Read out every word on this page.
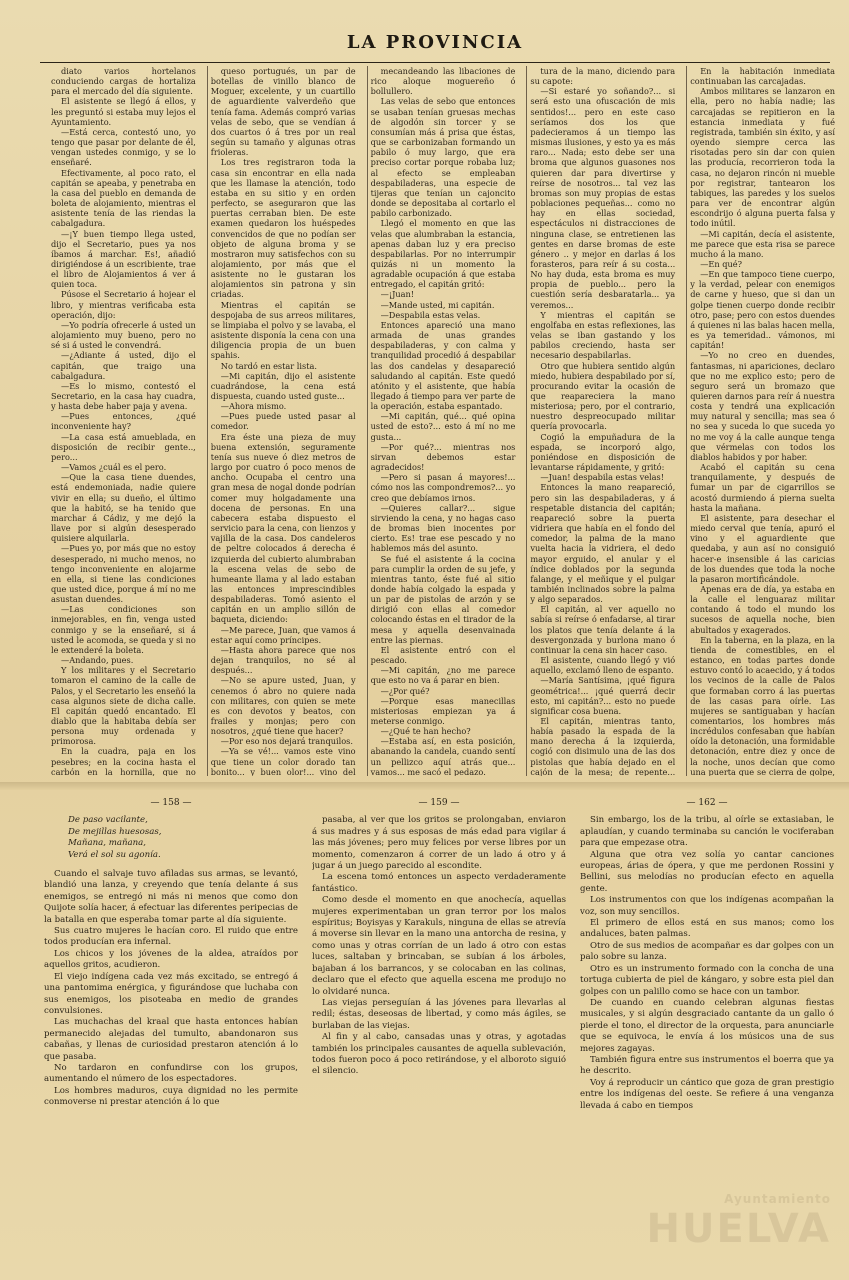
LA PROVINCIA

diato varios hortelanos conduciendo cargas de hortaliza para el mercado del día siguiente.

El asistente se llegó á ellos, y les preguntó si estaba muy lejos el Ayuntamiento.

—Está cerca, contestó uno, yo tengo que pasar por delante de él, vengan ustedes conmigo, y se lo enseñaré.

Efectivamente, al poco rato, el capitán se apeaba, y penetraba en la casa del pueblo en demanda de boleta de alojamiento, mientras el asistente tenía de las riendas la cabalgadura.

—¡Y buen tiempo llega usted, dijo el Secretario, pues ya nos íbamos á marchar. Es!, añadió dirigiéndose á un escribiente, trae el libro de Alojamientos á ver á quien toca.

Púsose el Secretario á hojear el libro, y mientras verificaba esta operación, dijo:

—Yo podría ofrecerle á usted un alojamiento muy bueno, pero no sé si á usted le convendrá.

—¿Adiante á usted, dijo el capitán, que traigo una cabalgadura.

—Es lo mismo, contestó el Secretario, en la casa hay cuadra, y hasta debe haber paja y avena.

—Pues entonces, ¿qué inconveniente hay?

—La casa está amueblada, en disposición de recibir gente.., pero...

—Vamos ¿cuál es el pero.

—Que la casa tiene duendes, está endemoniada, nadie quiere vivir en ella; su dueño, el último que la habitó, se ha tenido que marchar á Cádiz, y me dejó la llave por si algún desesperado quisiere alquilarla.

—Pues yo, por más que no estoy desesperado, ni mucho menos, no tengo inconveniente en alojarme en ella, si tiene las condiciones que usted dice, porque á mí no me asustan duendes.

—Las condiciones son inmejorables, en fin, venga usted conmigo y se la enseñaré, si á usted le acomoda, se queda y si no le extenderé la boleta.

—Andando, pues.

Y los militares y el Secretario tomaron el camino de la calle de Palos, y el Secretario les enseñó la casa algunos siete de dicha calle. El capitán quedó encantado. El diablo que la habitaba debía ser persona muy ordenada y primorosa.

En la cuadra, paja en los pesebres; en la cocina hasta el carbón en la hornilla, que no

queso portugués, un par de botellas de vinillo blanco de Moguer, excelente, y un cuartillo de aguardiente valverdeño que tenía fama. Además compró varias velas de sebo, que se vendían á dos cuartos ó á tres por un real según su tamaño y algunas otras frioleras.

Los tres registraron toda la casa sin encontrar en ella nada que les llamase la atención, todo estaba en su sitio y en orden perfecto, se aseguraron que las puertas cerraban bien. De este examen quedaron los huéspedes convencidos de que no podían ser objeto de alguna broma y se mostraron muy satisfechos con su alojamiento, por más que el asistente no le gustaran los alojamientos sin patrona y sin criadas.

Mientras el capitán se despojaba de sus arreos militares, se limpiaba el polvo y se lavaba, el asistente disponía la cena con una diligencia propia de un buen spahis.

No tardó en estar lista.

—Mi capitán, dijo el asistente cuadrándose, la cena está dispuesta, cuando usted guste...

—Ahora mismo.

—Pues puede usted pasar al comedor.

Era éste una pieza de muy buena extensión, seguramente tenía sus nueve ó diez metros de largo por cuatro ó poco menos de ancho. Ocupaba el centro una gran mesa de nogal donde podrían comer muy holgadamente una docena de personas. En una cabecera estaba dispuesto el servicio para la cena, con lienzos y vajilla de la casa. Dos candeleros de peltre colocados á derecha é izquierda del cubierto alumbraban la escena velas de sebo de humeante llama y al lado estaban las entonces imprescindibles despabiladeras. Tomó asiento el capitán en un amplio sillón de baqueta, diciendo:

—Me parece, Juan, que vamos á estar aquí como príncipes.

—Hasta ahora parece que nos dejan tranquilos, no sé al después...

—No se apure usted, Juan, y cenemos ó abro no quiere nada con militares, con quien se mete es con devotos y beatos, con frailes y monjas; pero con nosotros, ¿qué tiene que hacer?

—Por eso nos dejará tranquilos.

—Ya se vé!... vamos este vino que tiene un color dorado tan bonito... y buen olor!... vino del

mecandeando las libaciones de rico aloque moguereño ó bollullero.

Las velas de sebo que entonces se usaban tenían gruesas mechas de algodón sin torcer y se consumían más á prisa que éstas, que se carbonizaban formando un pabilo ó muy largo, que era preciso cortar porque robaba luz; al efecto se empleaban despabiladeras, una especie de tijeras que tenían un cajoncito donde se depositaba al cortarlo el pabilo carbonizado.

Llegó el momento en que las velas que alumbraban la estancia, apenas daban luz y era preciso despabilarlas. Por no interrumpir quizás ni un momento la agradable ocupación á que estaba entregado, el capitán gritó:

—¡Juan!

—Mande usted, mi capitán.

—Despabila estas velas.

Entonces apareció una mano armada de unas grandes despabiladeras, y con calma y tranquilidad procedió á despabilar las dos candelas y desapareció saludando al capitán. Este quedó atónito y el asistente, que había llegado á tiempo para ver parte de la operación, estaba espantado.

—Mi capitán, qué... qué opina usted de esto?... esto á mí no me gusta...

—Por qué?... mientras nos sirvan debemos estar agradecidos!

—Pero si pasan á mayores!... cómo nos las compondremos?... yo creo que debíamos irnos.

—Quieres callar?... sigue sirviendo la cena, y no hagas caso de bromas bien inocentes por cierto. Es! trae ese pescado y no hablemos más del asunto.

Se fué el asistente á la cocina para cumplir la orden de su jefe, y mientras tanto, éste fué al sitio donde había colgado la espada y un par de pistolas de arzón y se dirigió con ellas al comedor colocando éstas en el tirador de la mesa y aquella desenvainada entre las piernas.

El asistente entró con el pescado.

—Mi capitán, ¿no me parece que esto no va á parar en bien.

—¿Por qué?

—Porque esas manecillas misteriosas empiezan ya á meterse conmigo.

—¿Qué te han hecho?

—Estaba así, en esta posición, abanando la candela, cuando sentí un pellizco aquí atrás que... vamos... me sacó el pedazo.

tura de la mano, diciendo para su capote:

—Si estaré yo soñando?... si será esto una ofuscación de mis sentidos!... pero en este caso seríamos dos los que padecieramos á un tiempo las mismas ilusiones, y esto ya es más raro... Nada; esto debe ser una broma que algunos guasones nos quieren dar para divertirse y reírse de nosotros... tal vez las bromas son muy propias de estas poblaciones pequeñas... como no hay en ellas sociedad, espectáculos ni distracciones de ninguna clase, se entretienen las gentes en darse bromas de este género .. y mejor en darlas á los forasteros, para reír á su costa... No hay duda, esta broma es muy propia de pueblo... pero la cuestión sería desbaratarla... ya veremos...

Y mientras el capitán se engolfaba en estas reflexiones, las velas se iban gastando y los pabilos creciendo, hasta ser necesario despabilarlas.

Otro que hubiera sentido algún miedo, hubiera despabilado por sí, procurando evitar la ocasión de que reapareciera la mano misteriosa; pero, por el contrario, nuestro despreocupado militar quería provocarla.

Cogió la empuñadura de la espada, se incorporó algo, poniéndose en disposición de levantarse rápidamente, y gritó:

—Juan! despabila estas velas!

Entonces la mano reapareció, pero sin las despabiladeras, y á respetable distancia del capitán; reapareció sobre la puerta vidriera que había en el fondo del comedor, la palma de la mano vuelta hacia la vidriera, el dedo mayor erguido, el anular y el índice doblados por la segunda falange, y el meñique y el pulgar también inclinados sobre la palma y algo separados.

El capitán, al ver aquello no sabía si reírse ó enfadarse, al tirar los platos que tenía delante á la desvergonzada y burlona mano ó continuar la cena sin hacer caso.

El asistente, cuando llegó y vió aquello, exclamó lleno de espanto.

—María Santísima, ¡qué figura geométrica!... ¡qué querrá decir esto, mi capitán?... esto no puede significar cosa buena.

El capitán, mientras tanto, había pasado la espada de la mano derecha á la izquierda, cogió con disimulo una de las dos pistolas que había dejado en el cajón de la mesa; de repente...

En la habitación inmediata continuaban las carcajadas.

Ambos militares se lanzaron en ella, pero no había nadie; las carcajadas se repitieron en la estancia inmediata y fué registrada, también sin éxito, y así oyendo siempre cerca las risotadas pero sin dar con quien las producía, recorrieron toda la casa, no dejaron rincón ni mueble por registrar, tantearon los tabiques, las paredes y los suelos para ver de encontrar algún escondrijo ó alguna puerta falsa y todo inútil.

—Mi capitán, decía el asistente, me parece que esta risa se parece mucho á la mano.

—En qué?

—En que tampoco tiene cuerpo, y la verdad, pelear con enemigos de carne y hueso, que si dan un golpe tienen cuerpo donde recibir otro, pase; pero con estos duendes á quienes ni las balas hacen mella, es ya temeridad.. vámonos, mi capitán!

—Yo no creo en duendes, fantasmas, ni apariciones, declaro que no me explico esto; pero de seguro será un bromazo que quieren darnos para reír á nuestra costa y tendrá una explicación muy natural y sencilla; mas sea ó no sea y suceda lo que suceda yo no me voy á la calle aunque tenga que vérmelas con todos los diablos habidos y por haber.

Acabó el capitán su cena tranquilamente, y después de fumar un par de cigarrillos se acostó durmiendo á pierna suelta hasta la mañana.

El asistente, para desechar el miedo cerval que tenía, apuró el vino y el aguardiente que quedaba, y aun así no consiguió hacer-e insensible á las caricias de los duendes que toda la noche la pasaron mortificándole.

Apenas era de día, ya estaba en la calle el lenguaraz militar contando á todo el mundo los sucesos de aquella noche, bien abultados y exagerados.

En la taberna, en la plaza, en la tienda de comestibles, en el estanco, en todas partes donde estuvo contó lo acaecido, y á todos los vecinos de la calle de Palos que formaban corro á las puertas de las casas para oírle. Las mujeres se santiguaban y hacían comentarios, los hombres más incrédulos confesaban que habían oído la detonación, una formidable detonación, entre diez y once de la noche, unos decían que como una puerta que se cierra de golpe,

— 158 —
De paso vacilante,
De mejillas huesosas,
Mañana, mañana,
Verá el sol su agonía.

Cuando el salvaje tuvo afiladas sus armas, se levantó, blandió una lanza, y creyendo que tenía delante á sus enemigos, se entregó ni más ni menos que como don Quijote solía hacer, á efectuar las diferentes peripecias de la batalla en que esperaba tomar parte al día siguiente.

Sus cuatro mujeres le hacían coro. El ruido que entre todos producían era infernal.

Los chicos y los jóvenes de la aldea, atraídos por aquellos gritos, acudieron.

El viejo indígena cada vez más excitado, se entregó á una pantomima enérgica, y figurándose que luchaba con sus enemigos, los pisoteaba en medio de grandes convulsiones.

Las muchachas del kraal que hasta entonces habían permanecido alejadas del tumulto, abandonaron sus cabañas, y llenas de curiosidad prestaron atención á lo que pasaba.

No tardaron en confundirse con los grupos, aumentando el número de los espectadores.

Los hombres maduros, cuya dignidad no les permite conmoverse ni prestar atención á lo que

— 159 —

pasaba, al ver que los gritos se prolongaban, enviaron á sus madres y á sus esposas de más edad para vigilar á las más jóvenes; pero muy felices por verse libres por un momento, comenzaron á correr de un lado á otro y á jugar á un juego parecido al escondite.

La escena tomó entonces un aspecto verdaderamente fantástico.

Como desde el momento en que anochecía, aquellas mujeres experimentaban un gran terror por los malos espíritus; Boyisyas y Karakuls, ninguna de ellas se atrevía á moverse sin llevar en la mano una antorcha de resina, y como unas y otras corrían de un lado á otro con estas luces, saltaban y brincaban, se subían á los árboles, bajaban á los barrancos, y se colocaban en las colinas, declaro que el efecto que aquella escena me produjo no lo olvidaré nunca.

Las viejas perseguían á las jóvenes para llevarlas al redil; éstas, deseosas de libertad, y como más ágiles, se burlaban de las viejas.

Al fin y al cabo, cansadas unas y otras, y agotadas también los principales causantes de aquella sublevación, todos fueron poco á poco retirándose, y el alboroto siguió el silencio.

— 162 —

Sin embargo, los de la tribu, al oírle se extasiaban, le aplaudían, y cuando terminaba su canción le vociferaban para que empezase otra.

Alguna que otra vez solía yo cantar canciones europeas, árias de ópera, y que me perdonen Rossini y Bellini, sus melodías no producían efecto en aquella gente.

Los instrumentos con que los indígenas acompañan la voz, son muy sencillos.

El primero de ellos está en sus manos; como los andaluces, baten palmas.

Otro de sus medios de acompañar es dar golpes con un palo sobre su lanza.

Otro es un instrumento formado con la concha de una tortuga cubierta de piel de kángaro, y sobre esta piel dan golpes con un palillo como se hace con un tambor.

De cuando en cuando celebran algunas fiestas musicales, y si algún desgraciado cantante da un gallo ó pierde el tono, el director de la orquesta, para anunciarle que se equivoca, le envía á los músicos una de sus mejores zagayas.

También figura entre sus instrumentos el boerra que ya he descrito.

Voy á reproducir un cántico que goza de gran prestigio entre los indígenas del oeste. Se refiere á una venganza llevada á cabo en tiempos

Ayuntamiento
HUELVA
